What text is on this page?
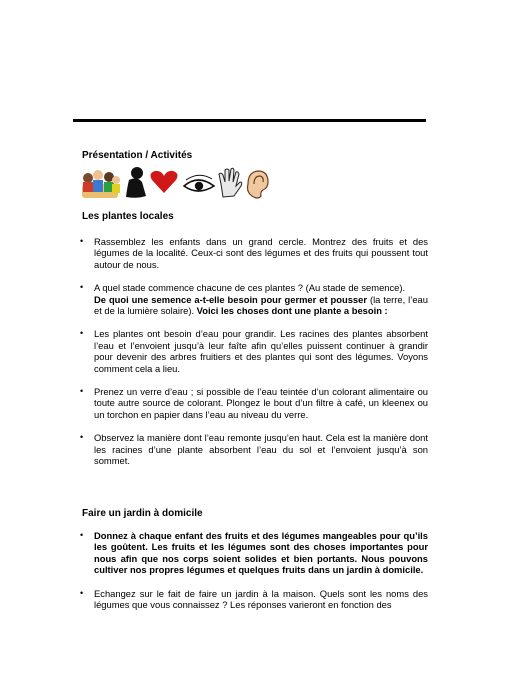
Présentation / Activités
Les plantes locales
• Rassemblez les enfants dans un grand cercle. Montrez des fruits et des légumes de la localité. Ceux-ci sont des légumes et des fruits qui poussent tout autour de nous.

• A quel stade commence chacune de ces plantes ? (Au stade de semence).
De quoi une semence a-t-elle besoin pour germer et pousser (la terre, l’eau et de la lumière solaire). Voici les choses dont une plante a besoin :

• Les plantes ont besoin d’eau pour grandir. Les racines des plantes absorbent l’eau et l’envoient jusqu’à leur faîte afin qu’elles puissent continuer à grandir pour devenir des arbres fruitiers et des plantes qui sont des légumes. Voyons comment cela a lieu.

• Prenez un verre d’eau ; si possible de l’eau teintée d’un colorant alimentaire ou toute autre source de colorant. Plongez le bout d’un filtre à café, un kleenex ou un torchon en papier dans l’eau au niveau du verre.

• Observez la manière dont l’eau remonte jusqu’en haut. Cela est la manière dont les racines d’une plante absorbent l’eau du sol et l’envoient jusqu’à son sommet.

Faire un jardin à domicile
• Donnez à chaque enfant des fruits et des légumes mangeables pour qu’ils les goûtent. Les fruits et les légumes sont des choses importantes pour nous afin que nos corps soient solides et bien portants. Nous pouvons cultiver nos propres légumes et quelques fruits dans un jardin à domicile.

• Echangez sur le fait de faire un jardin à la maison. Quels sont les noms des légumes que vous connaissez ? Les réponses varieront en fonction des
